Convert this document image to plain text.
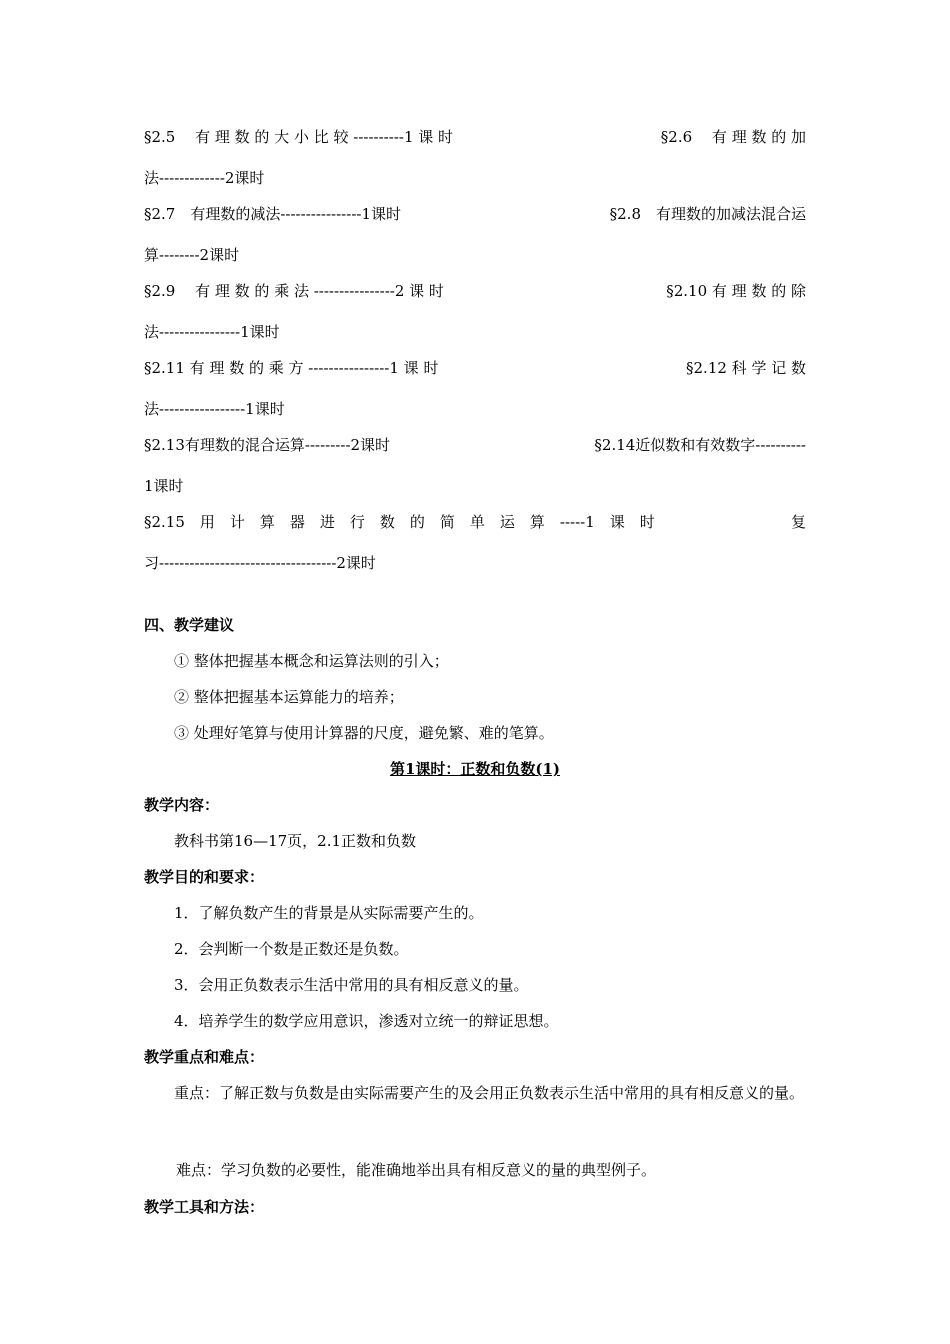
§2.5　 有 理 数 的 大 小 比 较 ----------1 课 时	§2.6　 有 理 数 的 加
法-------------2课时
§2.7　有理数的减法----------------1课时	§2.8　有理数的加减法混合运
算--------2课时
§2.9　 有 理 数 的 乘 法 ----------------2 课 时	§2.10 有 理 数 的 除
法----------------1课时
§2.11 有 理 数 的 乘 方 ----------------1 课 时	§2.12 科 学 记 数
法-----------------1课时
§2.13有理数的混合运算---------2课时	§2.14近似数和有效数字----------
1课时
§2.15　用　计　算　器　进　行　数　的　简　单　运　算　-----1　课　时	复
习-----------------------------------2课时
四、教学建议
① 整体把握基本概念和运算法则的引入；
② 整体把握基本运算能力的培养；
③ 处理好笔算与使用计算器的尺度，避免繁、难的笔算。
第1课时：正数和负数(1)
教学内容：
教科书第16—17页，2.1正数和负数
教学目的和要求：
1．了解负数产生的背景是从实际需要产生的。
2．会判断一个数是正数还是负数。
3．会用正负数表示生活中常用的具有相反意义的量。
4．培养学生的数学应用意识，渗透对立统一的辩证思想。
教学重点和难点：
重点：了解正数与负数是由实际需要产生的及会用正负数表示生活中常用的具有相反意义的量。
难点：学习负数的必要性，能准确地举出具有相反意义的量的典型例子。
教学工具和方法：
